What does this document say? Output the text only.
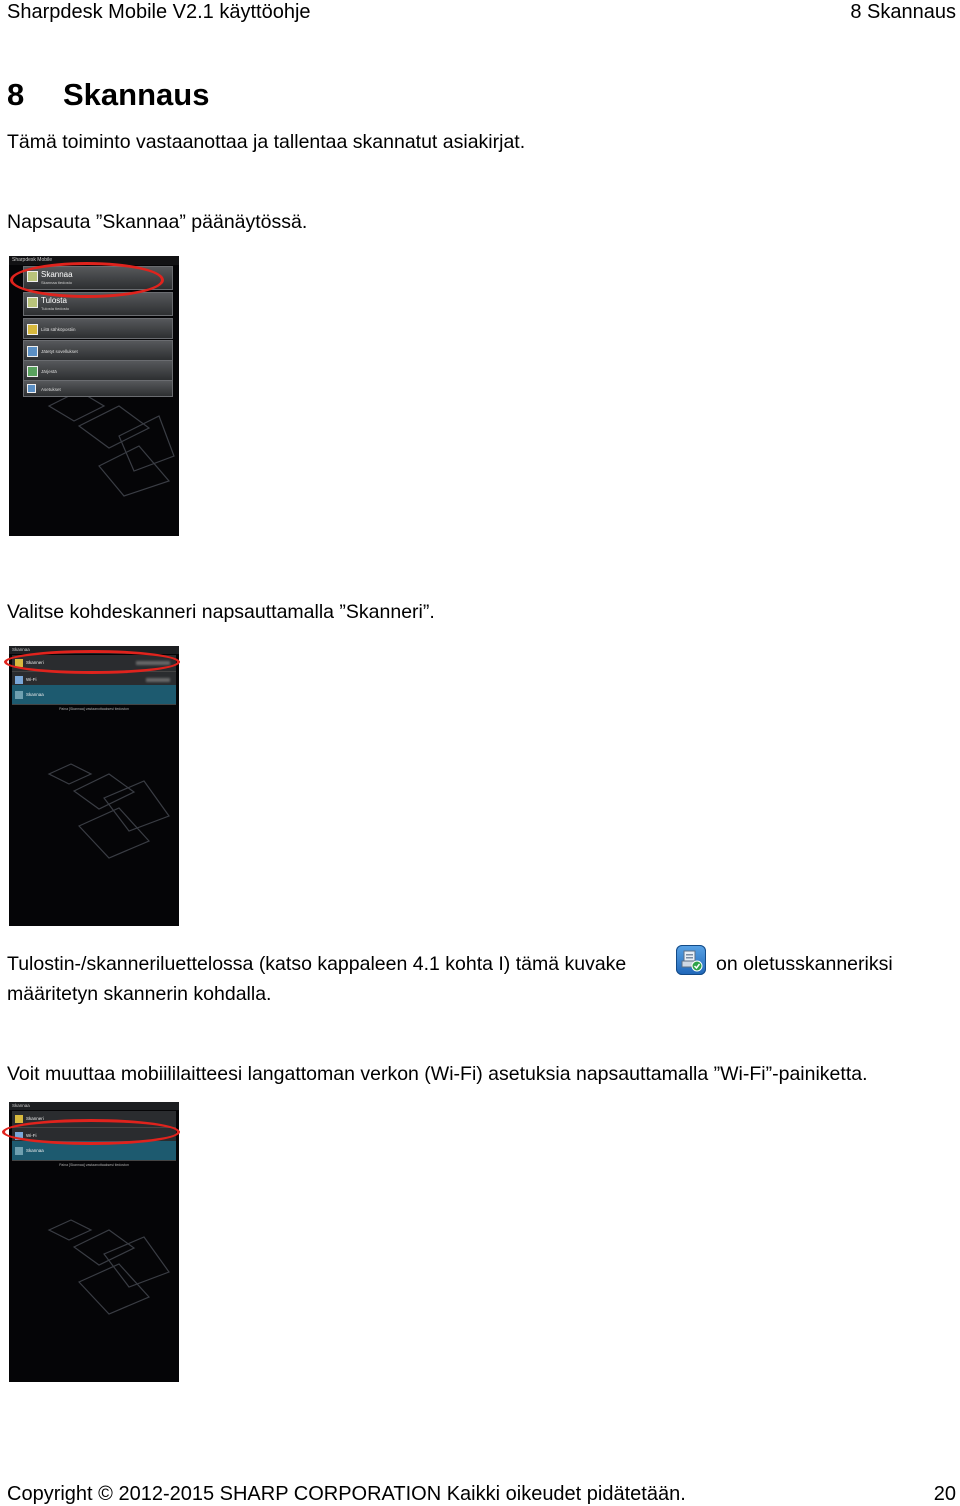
Sharpdesk Mobile V2.1 käyttöohje	8 Skannaus
8 Skannaus
Tämä toiminto vastaanottaa ja tallentaa skannatut asiakirjat.
Napsauta ”Skannaa” päänäytössä.
Sharpdesk Mobile
Skannaa
Skannaa tiedosto
Tulosta
Tulosta tiedosto
Liitä sähköpostiin
Jätetyt sovellukset
Järjestä
Asetukset
Valitse kohdeskanneri napsauttamalla ”Skanneri”.
Skannaa
Skanneri
Wi-Fi
Skannaa
Paina [Skannaa] vastaanottaaksesi tiedoston
Tulostin-/skanneriluettelossa (katso kappaleen 4.1 kohta I) tämä kuvake	on oletusskanneriksi
määritetyn skannerin kohdalla.
Voit muuttaa mobiililaitteesi langattoman verkon (Wi-Fi) asetuksia napsauttamalla ”Wi-Fi”-painiketta.
Skannaa
Skanneri
Wi-Fi
Skannaa
Paina [Skannaa] vastaanottaaksesi tiedoston
Copyright © 2012-2015 SHARP CORPORATION Kaikki oikeudet pidätetään.	20
